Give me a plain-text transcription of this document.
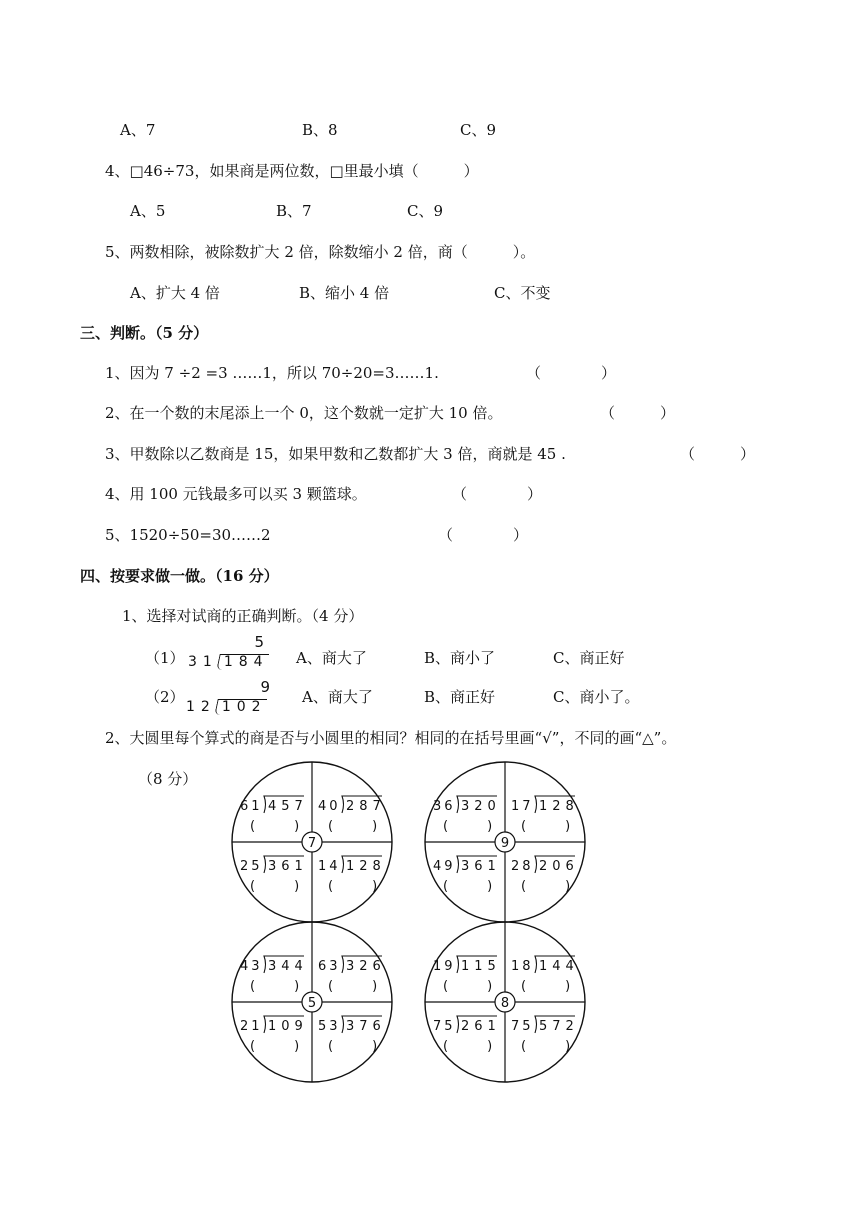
A、7	B、8	C、9
4、□46÷73，如果商是两位数，□里最小填（　　　）
A、5	B、7	C、9
5、两数相除，被除数扩大 2 倍，除数缩小 2 倍，商（　　　）。
A、扩大 4 倍	B、缩小 4 倍	C、不变
三、判断。（5 分）
1、因为 7 ÷2 =3 ……1，所以 70÷20=3……1.	（　　　　）
2、在一个数的末尾添上一个 0，这个数就一定扩大 10 倍。	（　　　）
3、甲数除以乙数商是 15，如果甲数和乙数都扩大 3 倍，商就是 45 .	（　　　）
4、用 100 元钱最多可以买 3 颗篮球。	（　　　　）
5、1520÷50=30……2	（　　　　）
四、按要求做一做。（16 分）
1、选择对试商的正确判断。（4 分）
（1）
5
31 184 A、商大了	B、商小了	C、商正好
（2）
9
12 102
A、商大了	B、商正好	C、商小了。
2、大圆里每个算式的商是否与小圆里的相同？相同的在括号里画“√”，不同的画“△”。
（8 分）
7
61 457
(　　　)
40 287
(　　　)
25 361
(　　　)
14 128
(　　　)
9
36 320
(　　　)
17 128
(　　　)
49 361
(　　　)
28 206
(　　　)
5
43 344
(　　　)
63 326
(　　　)
21 109
(　　　)
53 376
(　　　)
8
19 115
(　　　)
18 144
(　　　)
75 261
(　　　)
75 572
(　　　)
